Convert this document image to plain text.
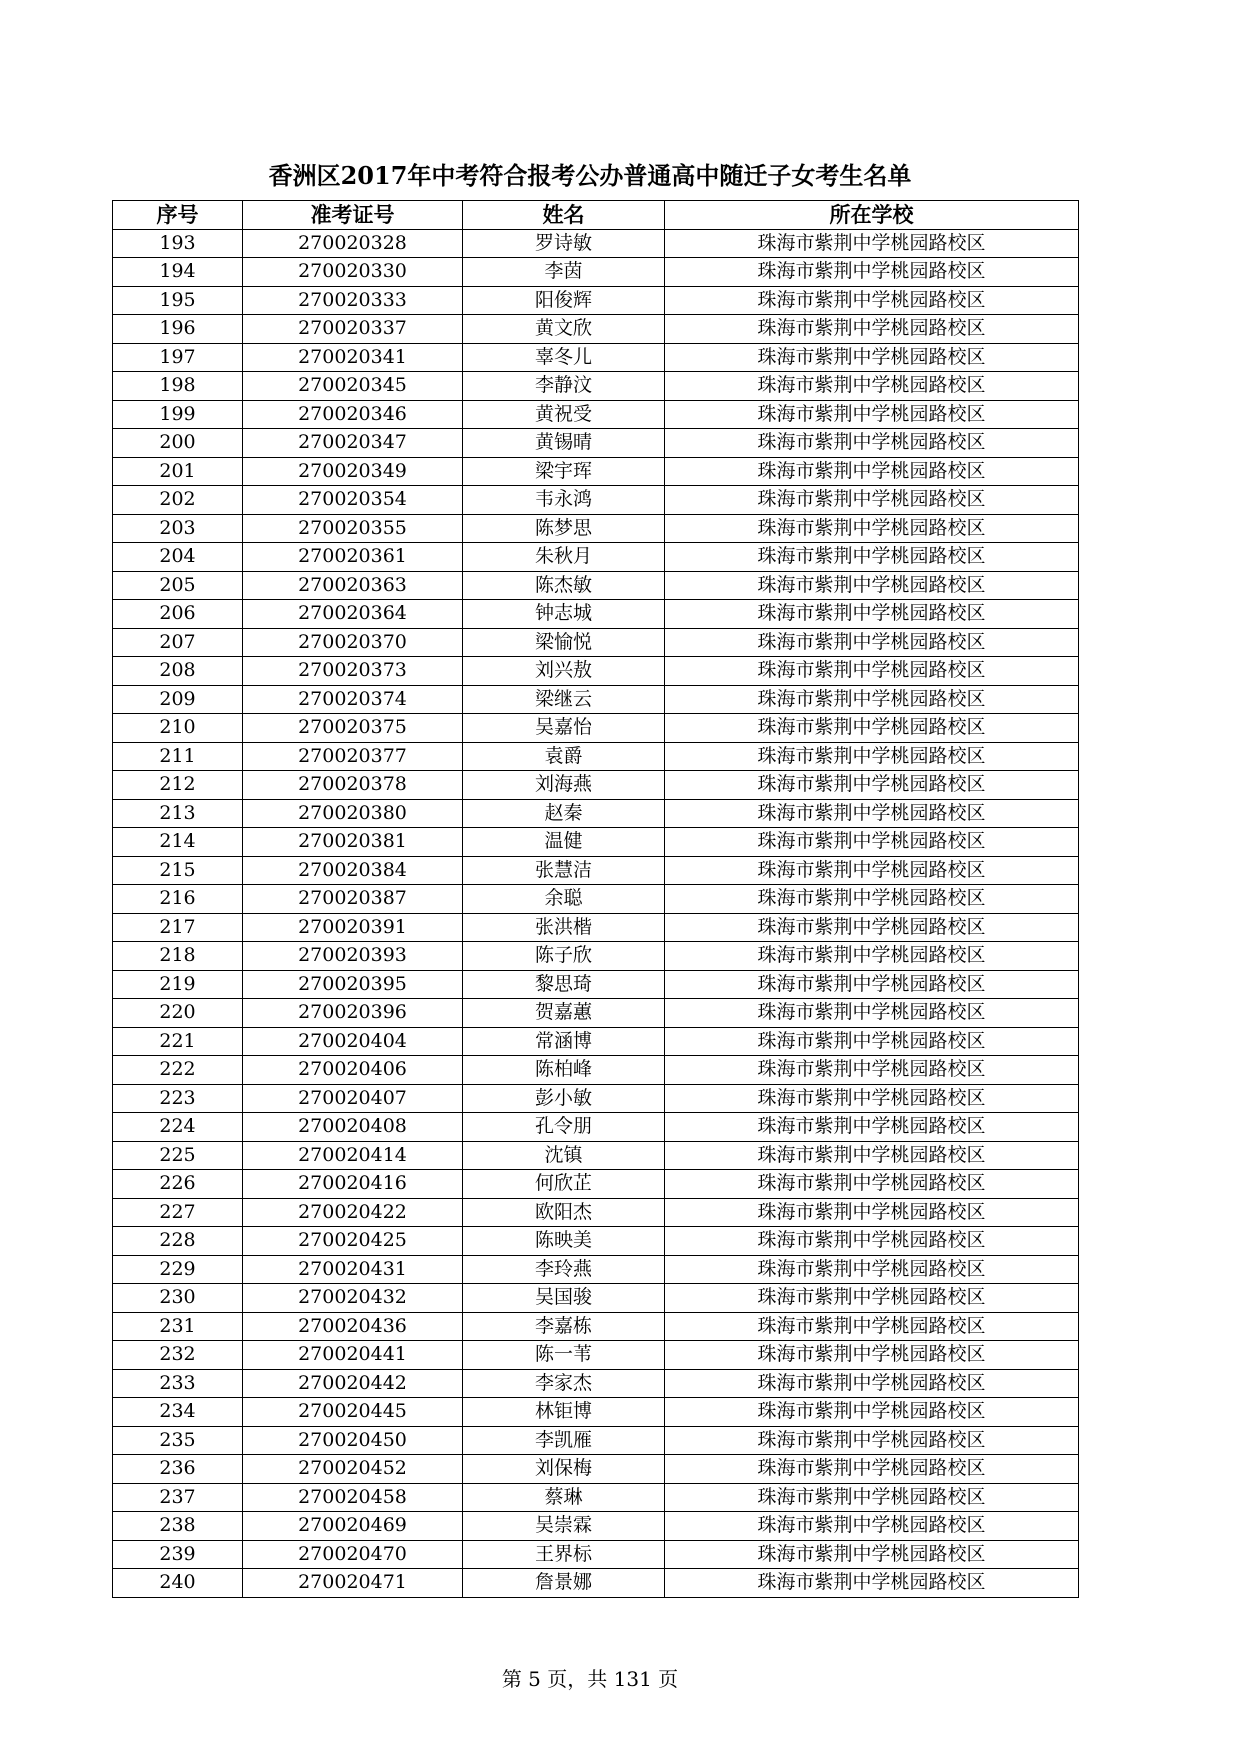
香洲区2017年中考符合报考公办普通高中随迁子女考生名单
序号	准考证号	姓名	所在学校
193	270020328	罗诗敏	珠海市紫荆中学桃园路校区
194	270020330	李茵	珠海市紫荆中学桃园路校区
195	270020333	阳俊辉	珠海市紫荆中学桃园路校区
196	270020337	黄文欣	珠海市紫荆中学桃园路校区
197	270020341	辜冬儿	珠海市紫荆中学桃园路校区
198	270020345	李静汶	珠海市紫荆中学桃园路校区
199	270020346	黄祝受	珠海市紫荆中学桃园路校区
200	270020347	黄锡晴	珠海市紫荆中学桃园路校区
201	270020349	梁宇珲	珠海市紫荆中学桃园路校区
202	270020354	韦永鸿	珠海市紫荆中学桃园路校区
203	270020355	陈梦思	珠海市紫荆中学桃园路校区
204	270020361	朱秋月	珠海市紫荆中学桃园路校区
205	270020363	陈杰敏	珠海市紫荆中学桃园路校区
206	270020364	钟志城	珠海市紫荆中学桃园路校区
207	270020370	梁愉悦	珠海市紫荆中学桃园路校区
208	270020373	刘兴敖	珠海市紫荆中学桃园路校区
209	270020374	梁继云	珠海市紫荆中学桃园路校区
210	270020375	吴嘉怡	珠海市紫荆中学桃园路校区
211	270020377	袁爵	珠海市紫荆中学桃园路校区
212	270020378	刘海燕	珠海市紫荆中学桃园路校区
213	270020380	赵秦	珠海市紫荆中学桃园路校区
214	270020381	温健	珠海市紫荆中学桃园路校区
215	270020384	张慧洁	珠海市紫荆中学桃园路校区
216	270020387	余聪	珠海市紫荆中学桃园路校区
217	270020391	张洪楷	珠海市紫荆中学桃园路校区
218	270020393	陈子欣	珠海市紫荆中学桃园路校区
219	270020395	黎思琦	珠海市紫荆中学桃园路校区
220	270020396	贺嘉蕙	珠海市紫荆中学桃园路校区
221	270020404	常涵博	珠海市紫荆中学桃园路校区
222	270020406	陈柏峰	珠海市紫荆中学桃园路校区
223	270020407	彭小敏	珠海市紫荆中学桃园路校区
224	270020408	孔令朋	珠海市紫荆中学桃园路校区
225	270020414	沈镇	珠海市紫荆中学桃园路校区
226	270020416	何欣芷	珠海市紫荆中学桃园路校区
227	270020422	欧阳杰	珠海市紫荆中学桃园路校区
228	270020425	陈映美	珠海市紫荆中学桃园路校区
229	270020431	李玲燕	珠海市紫荆中学桃园路校区
230	270020432	吴国骏	珠海市紫荆中学桃园路校区
231	270020436	李嘉栋	珠海市紫荆中学桃园路校区
232	270020441	陈一苇	珠海市紫荆中学桃园路校区
233	270020442	李家杰	珠海市紫荆中学桃园路校区
234	270020445	林钜博	珠海市紫荆中学桃园路校区
235	270020450	李凯雁	珠海市紫荆中学桃园路校区
236	270020452	刘保梅	珠海市紫荆中学桃园路校区
237	270020458	蔡琳	珠海市紫荆中学桃园路校区
238	270020469	吴崇霖	珠海市紫荆中学桃园路校区
239	270020470	王界标	珠海市紫荆中学桃园路校区
240	270020471	詹景娜	珠海市紫荆中学桃园路校区
第 5 页，共 131 页
